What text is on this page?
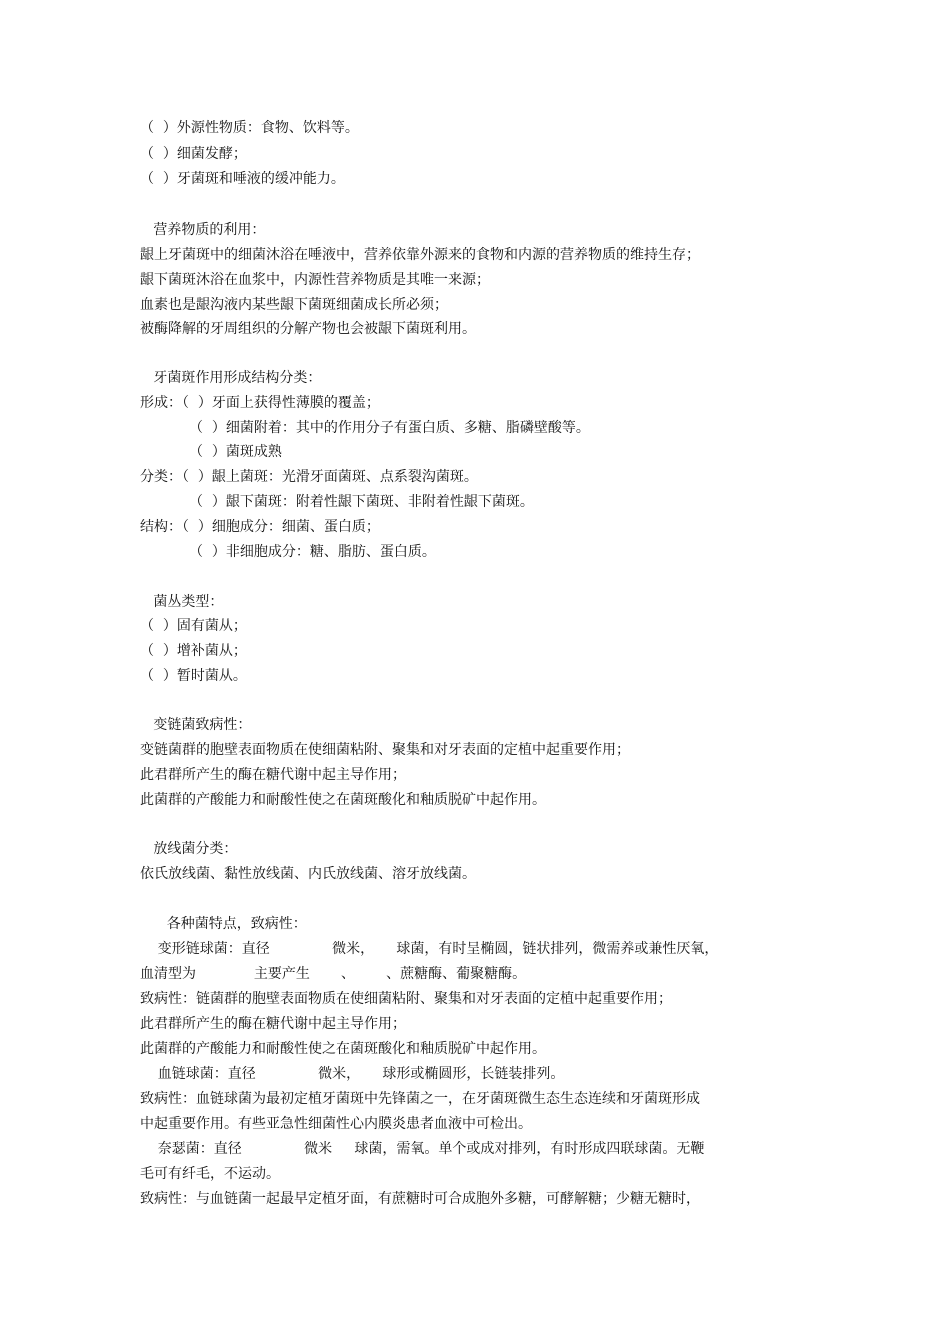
（  ）外源性物质：食物、饮料等。
（  ）细菌发酵；
（  ）牙菌斑和唾液的缓冲能力。
营养物质的利用：
龈上牙菌斑中的细菌沐浴在唾液中，营养依靠外源来的食物和内源的营养物质的维持生存；
龈下菌斑沐浴在血浆中，内源性营养物质是其唯一来源；
血素也是龈沟液内某些龈下菌斑细菌成长所必须；
被酶降解的牙周组织的分解产物也会被龈下菌斑利用。
牙菌斑作用形成结构分类：
形成：（  ）牙面上获得性薄膜的覆盖；
（  ）细菌附着：其中的作用分子有蛋白质、多糖、脂磷壁酸等。
（  ）菌斑成熟
分类：（  ）龈上菌斑：光滑牙面菌斑、点系裂沟菌斑。
（  ）龈下菌斑：附着性龈下菌斑、非附着性龈下菌斑。
结构：（  ）细胞成分：细菌、蛋白质；
（  ）非细胞成分：糖、脂肪、蛋白质。
菌丛类型：
（  ）固有菌从；
（  ）增补菌从；
（  ）暂时菌从。
变链菌致病性：
变链菌群的胞壁表面物质在使细菌粘附、聚集和对牙表面的定植中起重要作用；
此君群所产生的酶在糖代谢中起主导作用；
此菌群的产酸能力和耐酸性使之在菌斑酸化和釉质脱矿中起作用。
放线菌分类：
依氏放线菌、黏性放线菌、内氏放线菌、溶牙放线菌。
各种菌特点，致病性：
变形链球菌：直径              微米，     球菌，有时呈椭圆，链状排列，微需养或兼性厌氧，
血清型为             主要产生       、       、蔗糖酶、葡聚糖酶。
致病性：链菌群的胞壁表面物质在使细菌粘附、聚集和对牙表面的定植中起重要作用；
此君群所产生的酶在糖代谢中起主导作用；
此菌群的产酸能力和耐酸性使之在菌斑酸化和釉质脱矿中起作用。
血链球菌：直径              微米，     球形或椭圆形，长链装排列。
致病性：血链球菌为最初定植牙菌斑中先锋菌之一，在牙菌斑微生态生态连续和牙菌斑形成
中起重要作用。有些亚急性细菌性心内膜炎患者血液中可检出。
奈瑟菌：直径              微米     球菌，需氧。单个或成对排列，有时形成四联球菌。无鞭
毛可有纤毛，不运动。
致病性：与血链菌一起最早定植牙面，有蔗糖时可合成胞外多糖，可酵解糖；少糖无糖时，
